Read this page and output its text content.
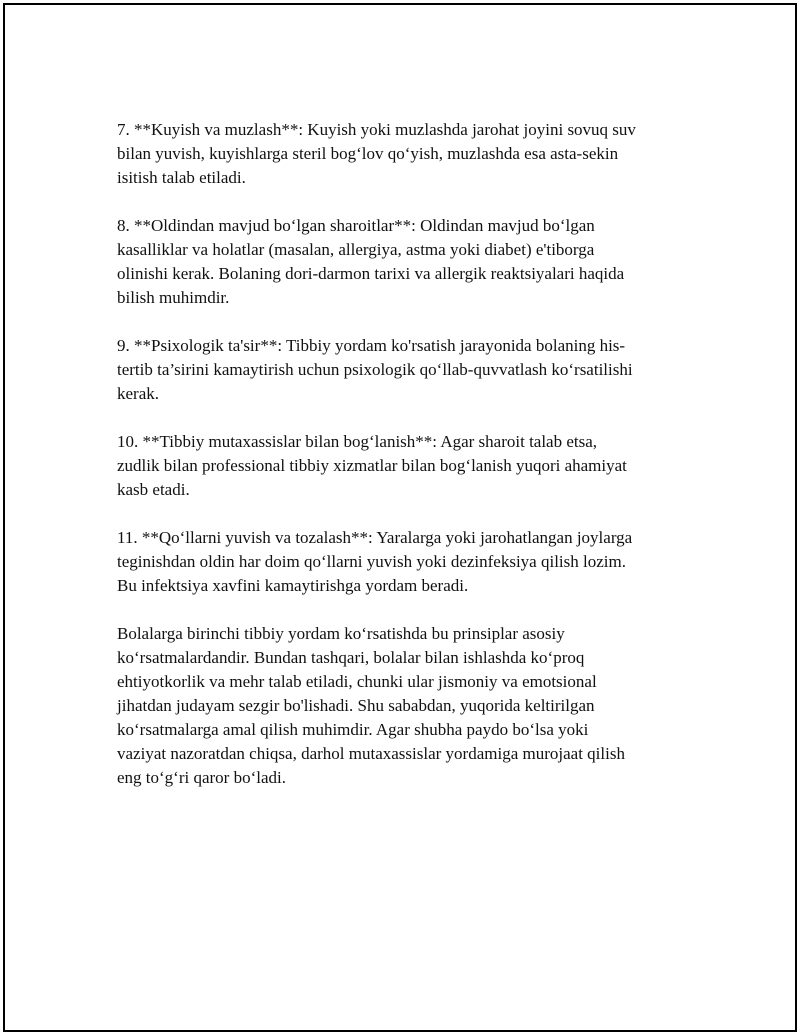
7. **Kuyish va muzlash**: Kuyish yoki muzlashda jarohat joyini sovuq suv
bilan yuvish, kuyishlarga steril bog‘lov qo‘yish, muzlashda esa asta-sekin
isitish talab etiladi.

8. **Oldindan mavjud bo‘lgan sharoitlar**: Oldindan mavjud bo‘lgan
kasalliklar va holatlar (masalan, allergiya, astma yoki diabet) e'tiborga
olinishi kerak. Bolaning dori-darmon tarixi va allergik reaktsiyalari haqida
bilish muhimdir.

9. **Psixologik ta'sir**: Tibbiy yordam ko'rsatish jarayonida bolaning his-
tertib ta’sirini kamaytirish uchun psixologik qo‘llab-quvvatlash ko‘rsatilishi
kerak.

10. **Tibbiy mutaxassislar bilan bog‘lanish**: Agar sharoit talab etsa,
zudlik bilan professional tibbiy xizmatlar bilan bog‘lanish yuqori ahamiyat
kasb etadi.

11. **Qo‘llarni yuvish va tozalash**: Yaralarga yoki jarohatlangan joylarga
teginishdan oldin har doim qo‘llarni yuvish yoki dezinfeksiya qilish lozim.
Bu infektsiya xavfini kamaytirishga yordam beradi.

Bolalarga birinchi tibbiy yordam ko‘rsatishda bu prinsiplar asosiy
ko‘rsatmalardandir. Bundan tashqari, bolalar bilan ishlashda ko‘proq
ehtiyotkorlik va mehr talab etiladi, chunki ular jismoniy va emotsional
jihatdan judayam sezgir bo'lishadi. Shu sababdan, yuqorida keltirilgan
ko‘rsatmalarga amal qilish muhimdir. Agar shubha paydo bo‘lsa yoki
vaziyat nazoratdan chiqsa, darhol mutaxassislar yordamiga murojaat qilish
eng to‘g‘ri qaror bo‘ladi.
